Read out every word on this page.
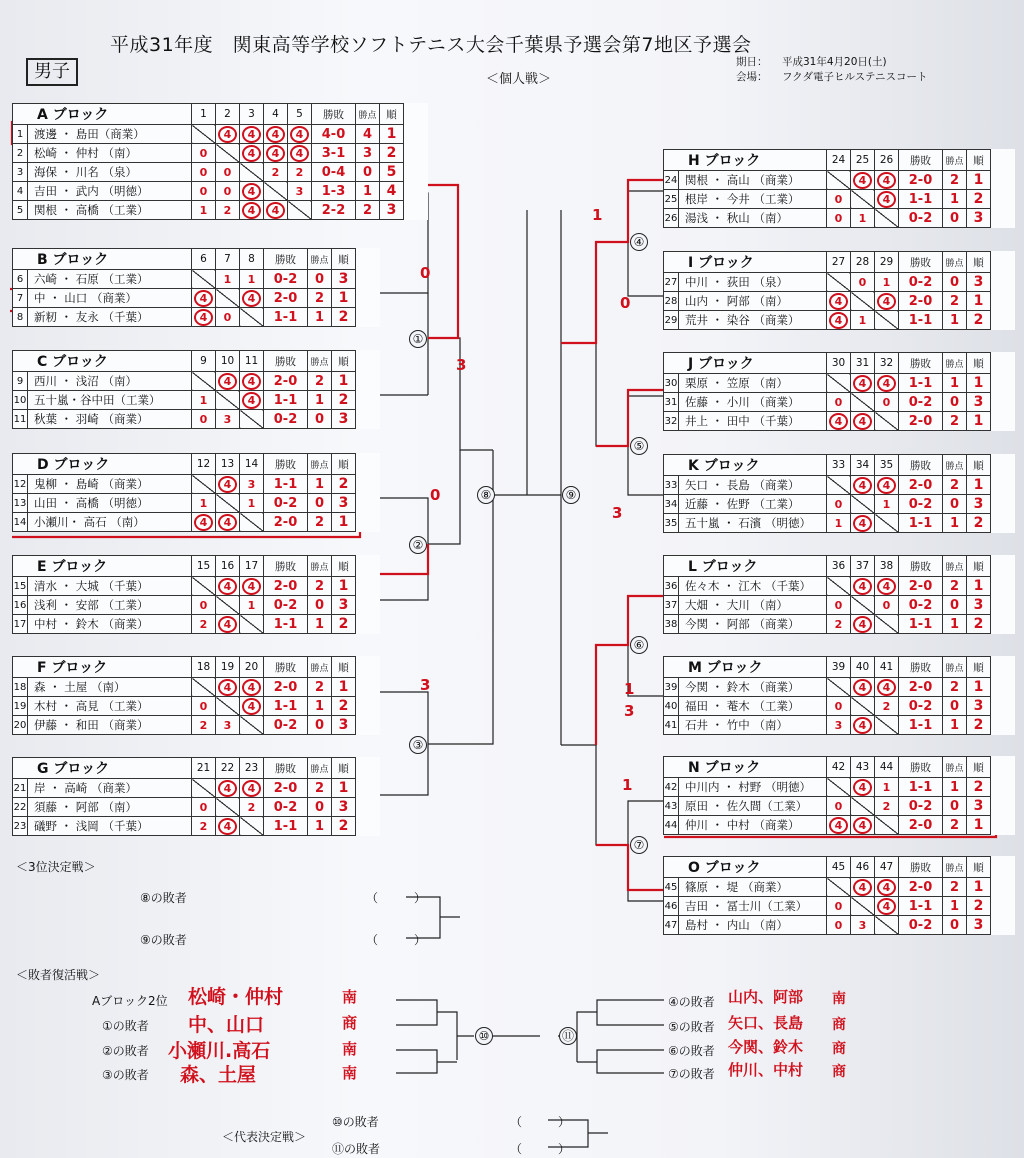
平成31年度　関東高等学校ソフトテニス大会千葉県予選会第7地区予選会
男子	＜個人戦＞
期日： 平成31年4月20日(土)
会場： フクダ電子ヒルステニスコート
①
②
③
④
⑤
⑥
⑦
⑧	⑨
⑩	⑪
0
3
0
3
1
0
1
3
3
1
A ブロック		1	2	3	4	5	勝敗	勝点	順
1	渡邊 ・ 島田（商業）		4	4	4	4	4-0	4	1
2	松崎 ・ 仲村 （南）	0		4	4	4	3-1	3	2
3	海保 ・ 川名 （泉）	0	0		2	2	0-4	0	5
4	吉田 ・ 武内 （明徳）	0	0	4		3	1-3	1	4
5	関根 ・ 高橋 （工業）	1	2	4	4		2-2	2	3
B ブロック		6	7	8	勝敗	勝点	順
6	六崎 ・ 石原 （工業）		1	1	0-2	0	3
7	中 ・ 山口 （商業）	4		4	2-0	2	1
8	新籾 ・ 友永 （千葉）	4	0		1-1	1	2
C ブロック		9	10	11	勝敗	勝点	順
9	西川 ・ 浅沼 （南）		4	4	2-0	2	1
10	五十嵐・谷中田（工業）	1		4	1-1	1	2
11	秋葉 ・ 羽崎 （商業）	0	3		0-2	0	3
D ブロック		12	13	14	勝敗	勝点	順
12	鬼柳 ・ 島崎 （商業）		4	3	1-1	1	2
13	山田 ・ 高橋 （明徳）	1		1	0-2	0	3
14	小瀬川・ 高石 （南）	4	4		2-0	2	1
E ブロック		15	16	17	勝敗	勝点	順
15	清水 ・ 大城 （千葉）		4	4	2-0	2	1
16	浅利 ・ 安部 （工業）	0		1	0-2	0	3
17	中村 ・ 鈴木 （商業）	2	4		1-1	1	2
F ブロック		18	19	20	勝敗	勝点	順
18	森 ・ 土屋 （南）		4	4	2-0	2	1
19	木村 ・ 高見 （工業）	0		4	1-1	1	2
20	伊藤 ・ 和田 （商業）	2	3		0-2	0	3
G ブロック		21	22	23	勝敗	勝点	順
21	岸 ・ 高崎 （商業）		4	4	2-0	2	1
22	須藤 ・ 阿部 （南）	0		2	0-2	0	3
23	礒野 ・ 浅岡 （千葉）	2	4		1-1	1	2
H ブロック		24	25	26	勝敗	勝点	順
24	関根 ・ 高山 （商業）		4	4	2-0	2	1
25	根岸 ・ 今井 （工業）	0		4	1-1	1	2
26	湯浅 ・ 秋山 （南）	0	1		0-2	0	3
I ブロック		27	28	29	勝敗	勝点	順
27	中川 ・ 荻田 （泉）		0	1	0-2	0	3
28	山内 ・ 阿部 （南）	4		4	2-0	2	1
29	荒井 ・ 染谷 （商業）	4	1		1-1	1	2
J ブロック		30	31	32	勝敗	勝点	順
30	栗原 ・ 笠原 （南）		4	4	1-1	1	1
31	佐藤 ・ 小川 （商業）	0		0	0-2	0	3
32	井上 ・ 田中 （千葉）	4	4		2-0	2	1
K ブロック		33	34	35	勝敗	勝点	順
33	矢口 ・ 長島 （商業）		4	4	2-0	2	1
34	近藤 ・ 佐野 （工業）	0		1	0-2	0	3
35	五十嵐 ・ 石濱 （明徳）	1	4		1-1	1	2
L ブロック		36	37	38	勝敗	勝点	順
36	佐々木 ・ 江木 （千葉）		4	4	2-0	2	1
37	大畑 ・ 大川 （南）	0		0	0-2	0	3
38	今関 ・ 阿部 （商業）	2	4		1-1	1	2
M ブロック		39	40	41	勝敗	勝点	順
39	今関 ・ 鈴木 （商業）		4	4	2-0	2	1
40	福田 ・ 菴木 （工業）	0		2	0-2	0	3
41	石井 ・ 竹中 （南）	3	4		1-1	1	2
N ブロック		42	43	44	勝敗	勝点	順
42	中川内 ・ 村野 （明徳）		4	1	1-1	1	2
43	原田 ・ 佐久間（工業）	0		2	0-2	0	3
44	仲川 ・ 中村 （商業）	4	4		2-0	2	1
O ブロック		45	46	47	勝敗	勝点	順
45	篠原 ・ 堤 （商業）		4	4	2-0	2	1
46	吉田 ・ 冨士川（工業）	0		4	1-1	1	2
47	島村 ・ 内山 （南）	0	3		0-2	0	3
＜3位決定戦＞
⑧の敗者	（　　　）
⑨の敗者	（　　　）
＜敗者復活戦＞
Aブロック2位 松崎・仲村	南
①の敗者 中、山口	商
②の敗者 小瀬川.高石	南
③の敗者 森、土屋	南
④の敗者 山内、阿部 南
⑤の敗者 矢口、長島 商
⑥の敗者 今関、鈴木 商
⑦の敗者 仲川、中村 商
＜代表決定戦＞
⑩の敗者	（　　　）
⑪の敗者	（　　　）
